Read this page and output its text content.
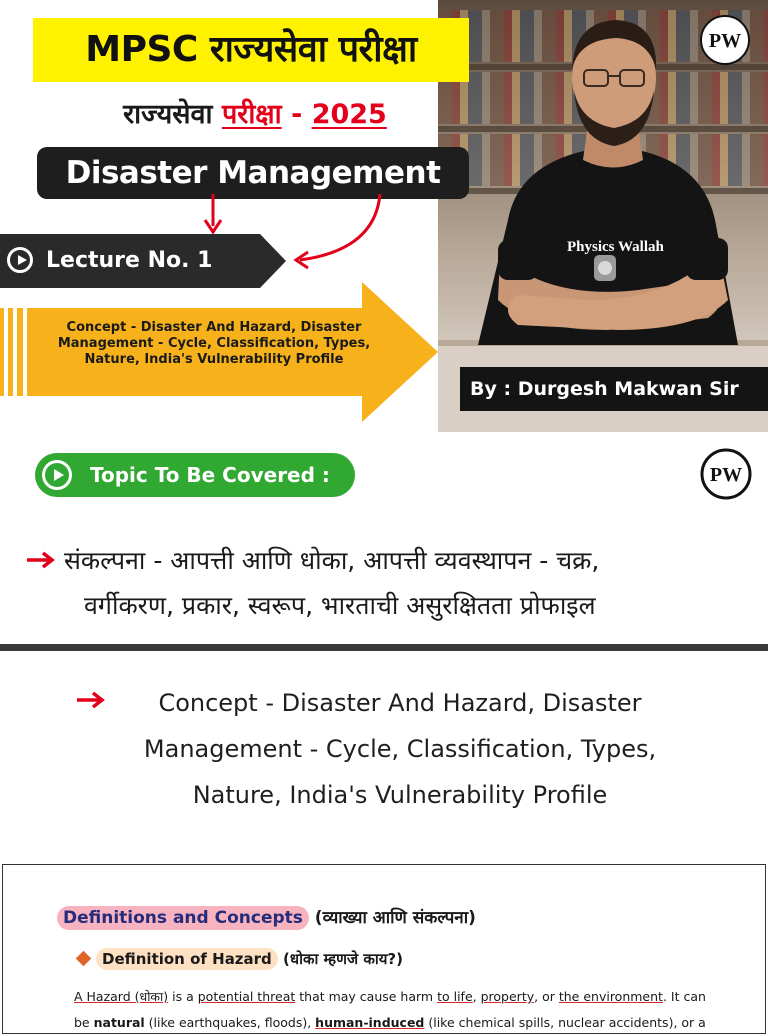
Physics Wallah
MPSC राज्यसेवा परीक्षा
राज्यसेवा परीक्षा - 2025
Disaster Management
Lecture No. 1
Concept - Disaster And Hazard, Disaster Management - Cycle, Classification, Types, Nature, India's Vulnerability Profile
PW
By : Durgesh Makwan Sir
Topic To Be Covered :	PW
संकल्पना - आपत्ती आणि धोका, आपत्ती व्यवस्थापन - चक्र,
वर्गीकरण, प्रकार, स्वरूप, भारताची असुरक्षितता प्रोफाइल
Concept - Disaster And Hazard, Disaster
Management - Cycle, Classification, Types,
Nature, India's Vulnerability Profile
Definitions and Concepts (व्याख्या आणि संकल्पना)
Definition of Hazard (धोका म्हणजे काय?)
A Hazard (धोका) is a potential threat that may cause harm to life, property, or the environment. It can
be natural (like earthquakes, floods), human-induced (like chemical spills, nuclear accidents), or a
